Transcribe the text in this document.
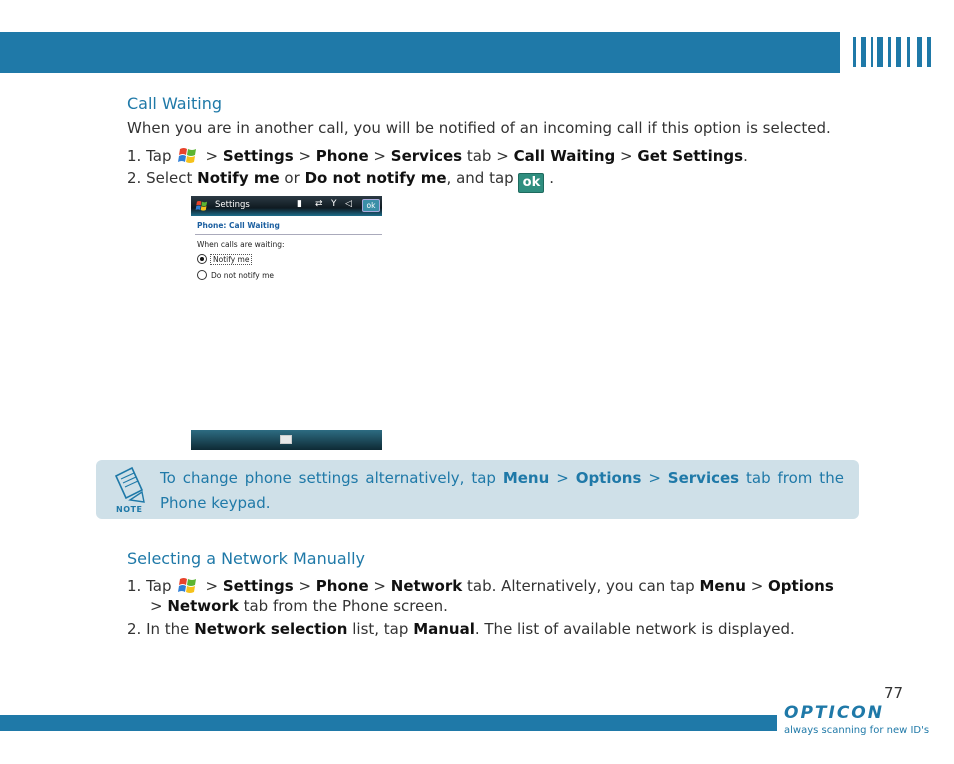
Call Waiting
When you are in another call, you will be notified of an incoming call if this option is selected.
1. Tap > Settings > Phone > Services tab > Call Waiting > Get Settings.
2. Select Notify me or Do not notify me, and tap ok .
Settings	▮ ⇄ Y ◁	ok
Phone: Call Waiting
When calls are waiting:
Notify me
Do not notify me
NOTE
To change phone settings alternatively, tap Menu > Options > Services tab from the Phone keypad.
Selecting a Network Manually
1. Tap > Settings > Phone > Network tab. Alternatively, you can tap Menu > Options
> Network tab from the Phone screen.
2. In the Network selection list, tap Manual. The list of available network is displayed.
77
OPTICON
always scanning for new ID's
